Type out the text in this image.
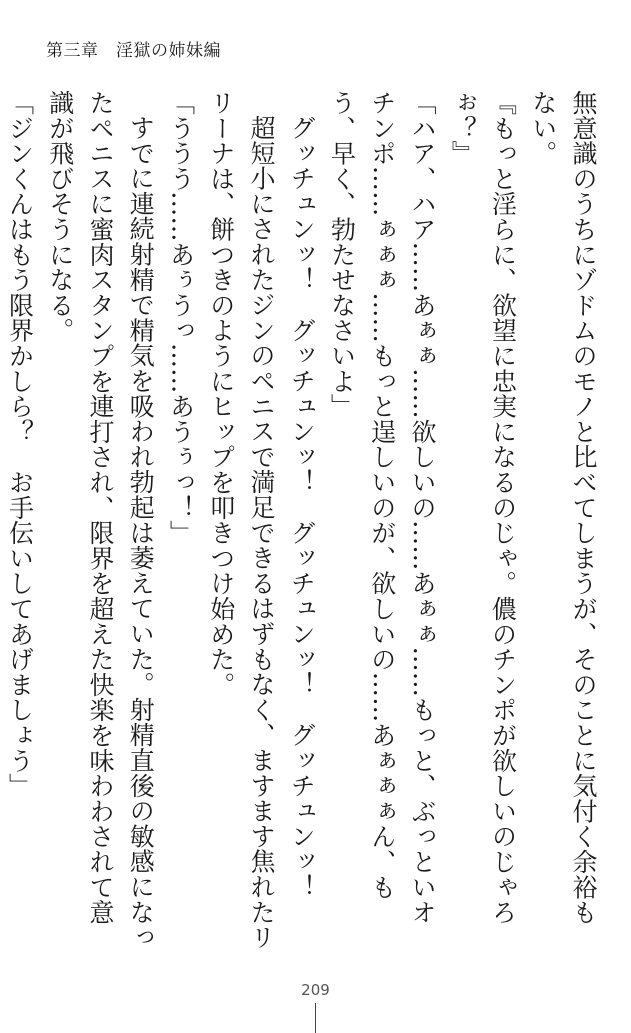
第三章　淫獄の姉妹編

無意識のうちにゾドムのモノと比べてしまうが、そのことに気付く余裕もない。

『もっと淫らに、欲望に忠実になるのじゃ。儂のチンポが欲しいのじゃろぉ？』

「ハア、ハア……あぁぁ……欲しいの……あぁぁ……もっと、ぶっといオチンポ……ぁぁぁ……もっと逞しいのが、欲しいの……あぁぁぁん、もう、早く、勃たせなさいよ」

グッチュンッ！　グッチュンッ！　グッチュンッ！　グッチュンッ！

超短小にされたジンのペニスで満足できるはずもなく、ますます焦れたリリーナは、餅つきのようにヒップを叩きつけ始めた。

「ううう……あぅうっ……あうぅっ！」

すでに連続射精で精気を吸われ勃起は萎えていた。射精直後の敏感になったペニスに蜜肉スタンプを連打され、限界を超えた快楽を味わわされて意識が飛びそうになる。

「ジンくんはもう限界かしら？　お手伝いしてあげましょう」

209
